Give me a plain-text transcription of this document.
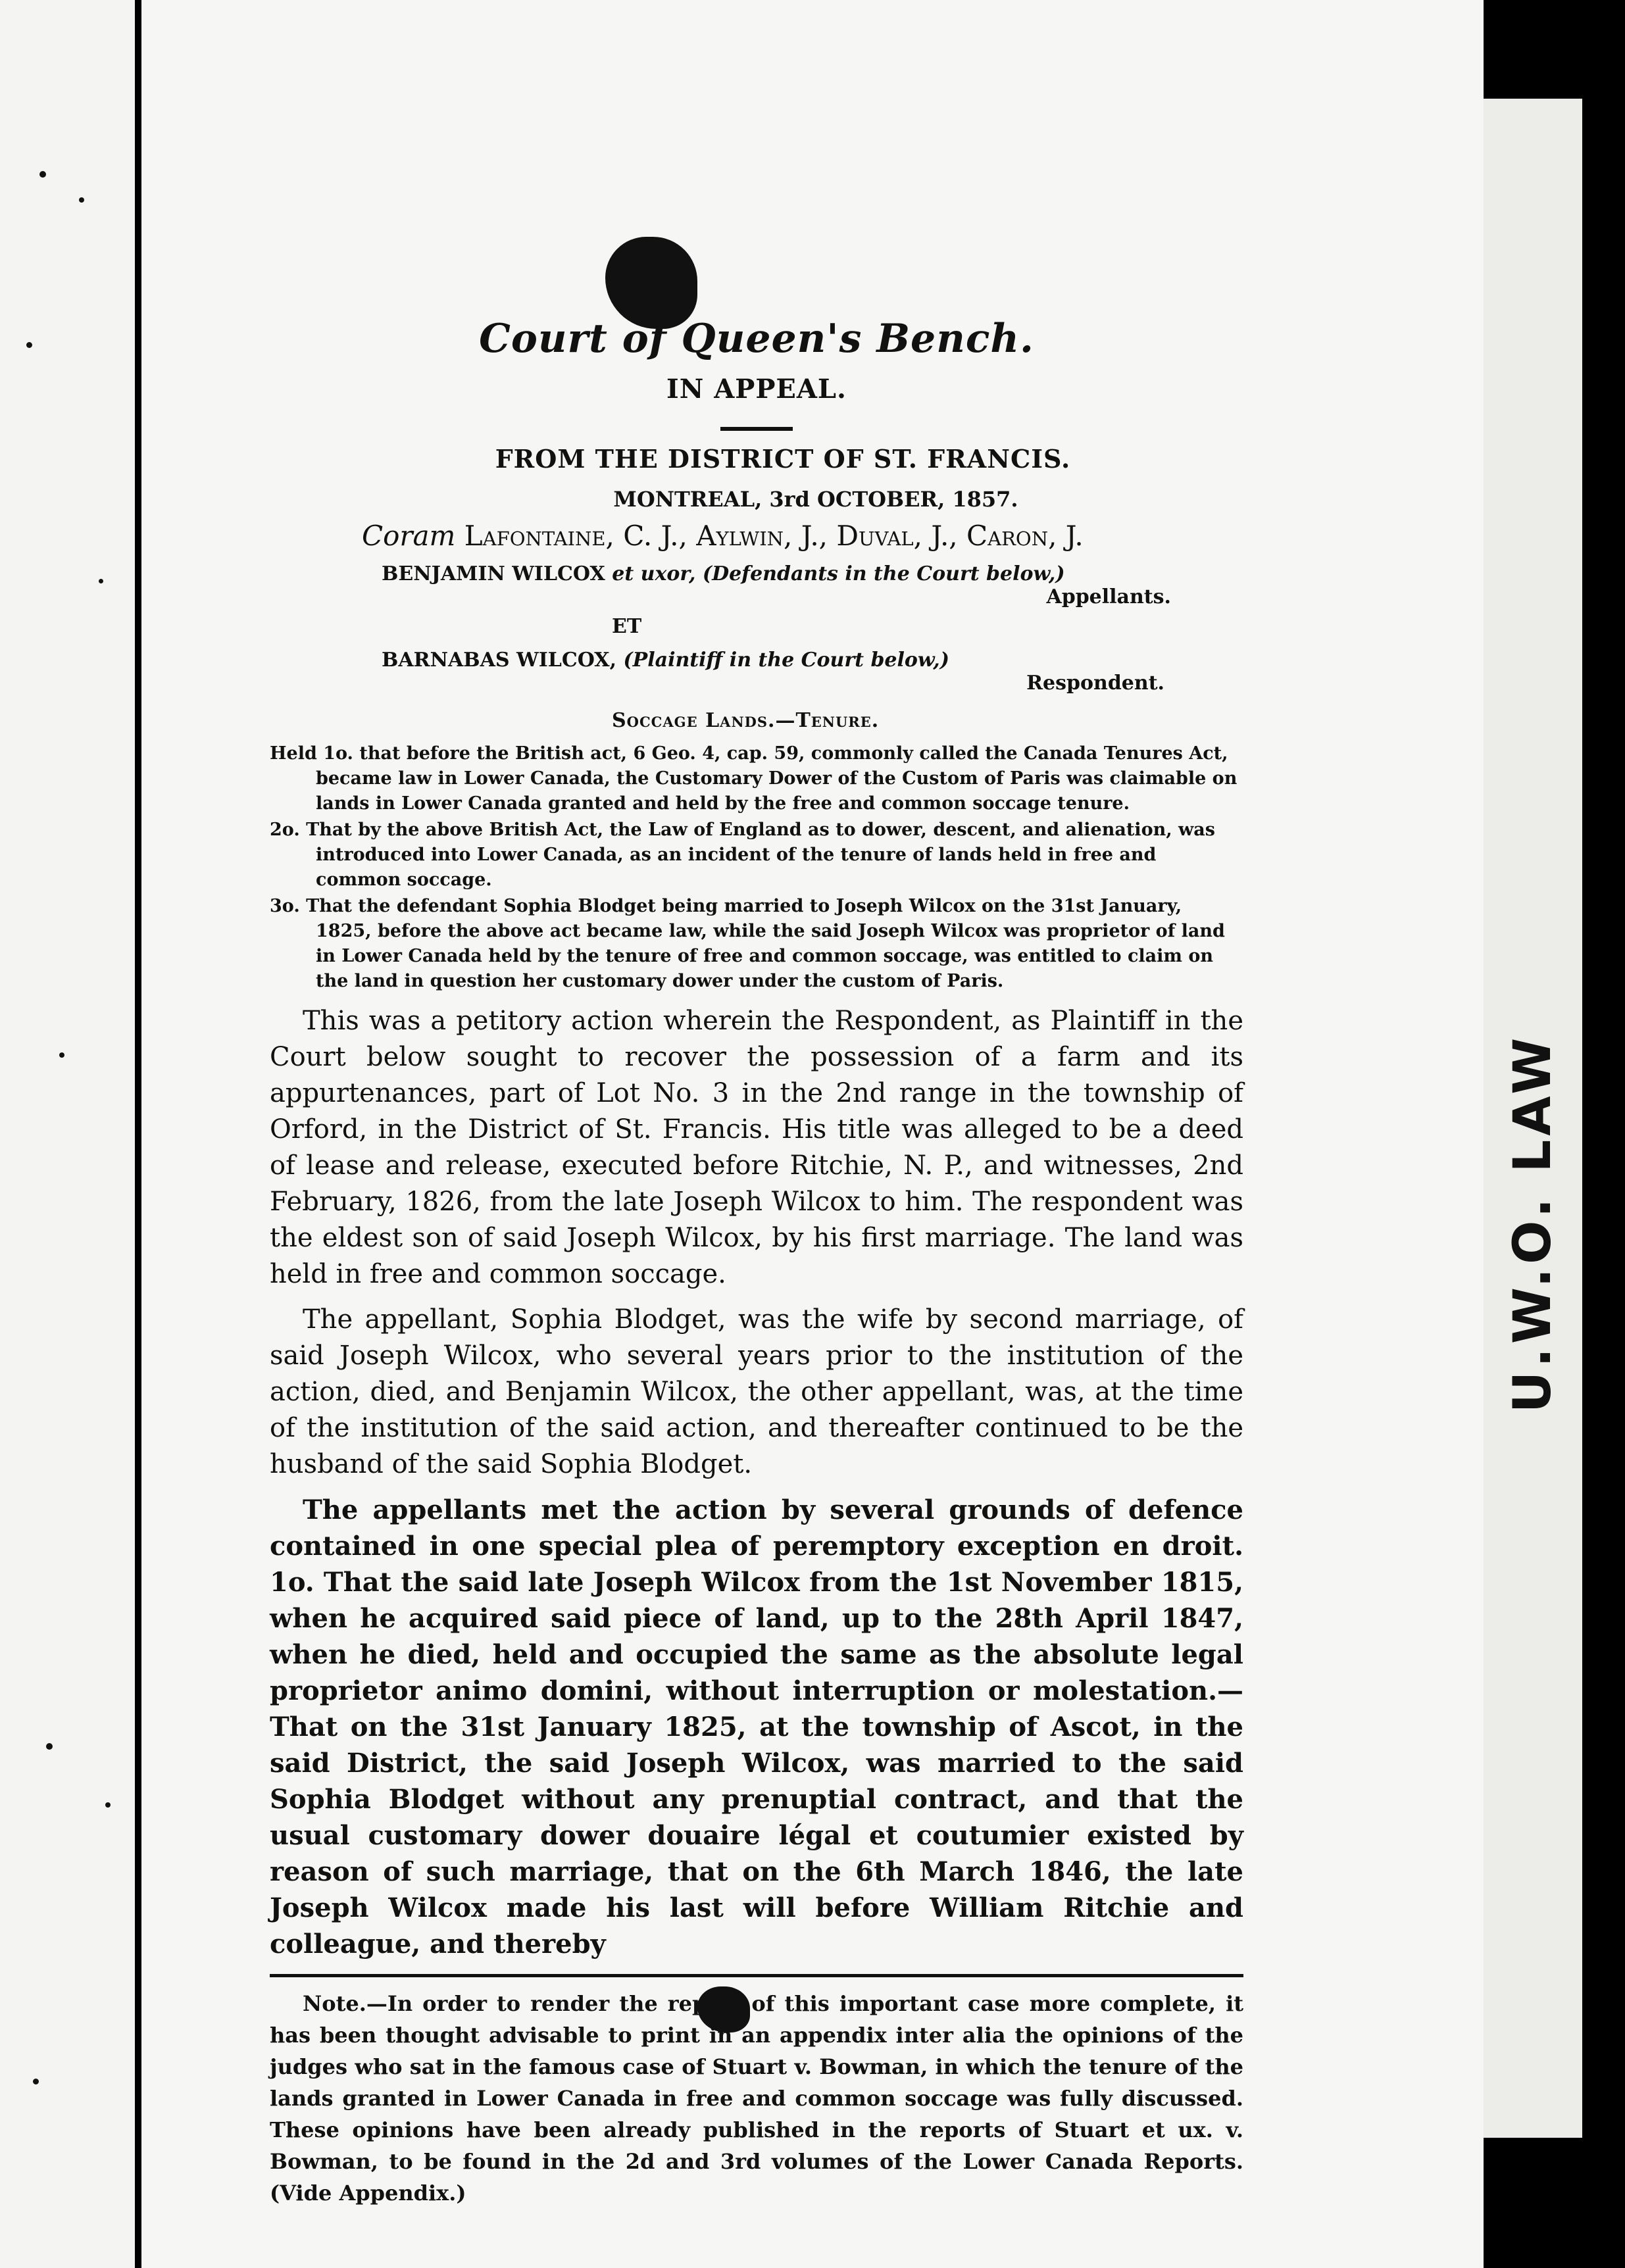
U.W.O. LAW
Court of Queen's Bench.

IN APPEAL.

FROM THE DISTRICT OF ST. FRANCIS.

MONTREAL, 3rd OCTOBER, 1857.

Coram Lafontaine, C. J., Aylwin, J., Duval, J., Caron, J.

BENJAMIN WILCOX et uxor, (Defendants in the Court below,)

Appellants.

ET

BARNABAS WILCOX, (Plaintiff in the Court below,)

Respondent.

Soccage Lands.—Tenure.

Held 1o. that before the British act, 6 Geo. 4, cap. 59, commonly called the Canada Tenures Act, became law in Lower Canada, the Customary Dower of the Custom of Paris was claimable on lands in Lower Canada granted and held by the free and common soccage tenure.

2o. That by the above British Act, the Law of England as to dower, descent, and alienation, was introduced into Lower Canada, as an incident of the tenure of lands held in free and common soccage.

3o. That the defendant Sophia Blodget being married to Joseph Wilcox on the 31st January, 1825, before the above act became law, while the said Joseph Wilcox was proprietor of land in Lower Canada held by the tenure of free and common soccage, was entitled to claim on the land in question her customary dower under the custom of Paris.

This was a petitory action wherein the Respondent, as Plaintiff in the Court below sought to recover the possession of a farm and its appurtenances, part of Lot No. 3 in the 2nd range in the township of Orford, in the District of St. Francis. His title was alleged to be a deed of lease and release, executed before Ritchie, N. P., and witnesses, 2nd February, 1826, from the late Joseph Wilcox to him. The respondent was the eldest son of said Joseph Wilcox, by his first marriage. The land was held in free and common soccage.

The appellant, Sophia Blodget, was the wife by second marriage, of said Joseph Wilcox, who several years prior to the institution of the action, died, and Benjamin Wilcox, the other appellant, was, at the time of the institution of the said action, and thereafter continued to be the husband of the said Sophia Blodget.

The appellants met the action by several grounds of defence contained in one special plea of peremptory exception en droit. 1o. That the said late Joseph Wilcox from the 1st November 1815, when he acquired said piece of land, up to the 28th April 1847, when he died, held and occupied the same as the absolute legal proprietor animo domini, without interruption or molestation.—That on the 31st January 1825, at the township of Ascot, in the said District, the said Joseph Wilcox, was married to the said Sophia Blodget without any prenuptial contract, and that the usual customary dower douaire légal et coutumier existed by reason of such marriage, that on the 6th March 1846, the late Joseph Wilcox made his last will before William Ritchie and colleague, and thereby

Note.—In order to render the report of this important case more complete, it has been thought advisable to print in an appendix inter alia the opinions of the judges who sat in the famous case of Stuart v. Bowman, in which the tenure of the lands granted in Lower Canada in free and common soccage was fully discussed. These opinions have been already published in the reports of Stuart et ux. v. Bowman, to be found in the 2d and 3rd volumes of the Lower Canada Reports. (Vide Appendix.)
